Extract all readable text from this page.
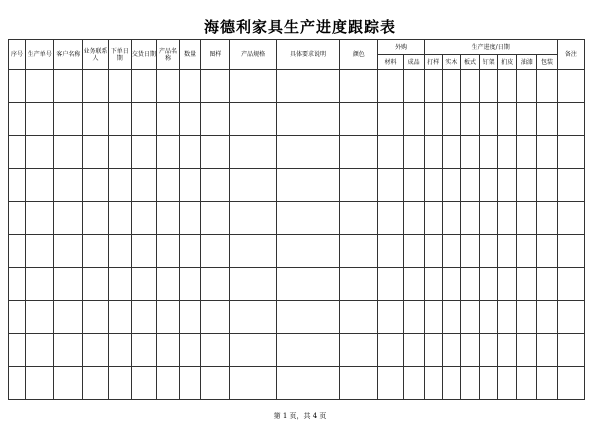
海德利家具生产进度跟踪表
序号	生产单号	客户名称	业务联系人	下单日期	交货日期	产品名称	数量	图样	产品规格	具体要求说明	颜色	外购		生产进度/日期							备注
												材料	成品	打样	实木	板式	钉架	扪皮	油漆	包装	

第 1 页，共 4 页
